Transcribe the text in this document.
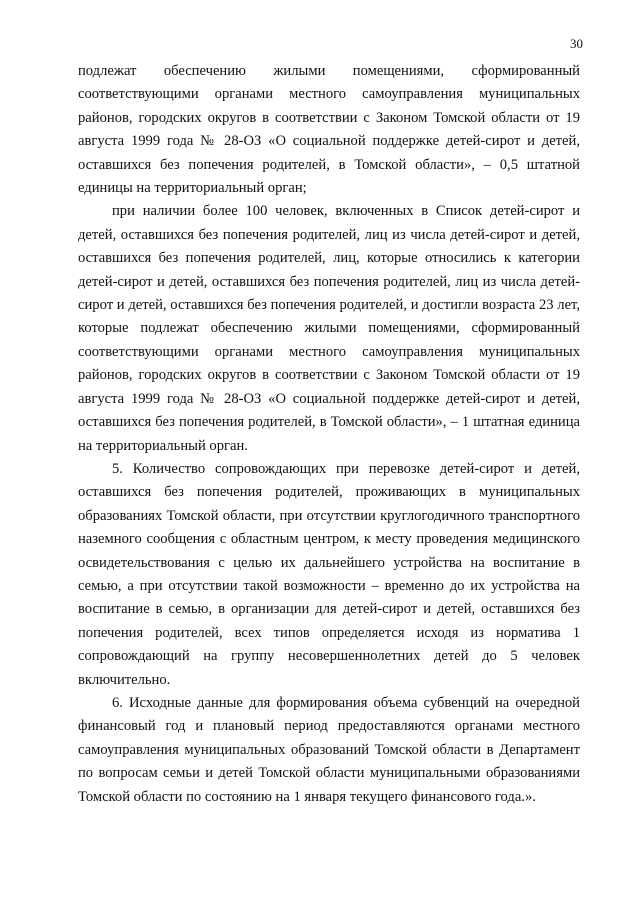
30

подлежат обеспечению жилыми помещениями, сформированный соответствующими органами местного самоуправления муниципальных районов, городских округов в соответствии с Законом Томской области от 19 августа 1999 года № 28-ОЗ «О социальной поддержке детей-сирот и детей, оставшихся без попечения родителей, в Томской области», – 0,5 штатной единицы на территориальный орган;

при наличии более 100 человек, включенных в Список детей-сирот и детей, оставшихся без попечения родителей, лиц из числа детей-сирот и детей, оставшихся без попечения родителей, лиц, которые относились к категории детей-сирот и детей, оставшихся без попечения родителей, лиц из числа детей-сирот и детей, оставшихся без попечения родителей, и достигли возраста 23 лет, которые подлежат обеспечению жилыми помещениями, сформированный соответствующими органами местного самоуправления муниципальных районов, городских округов в соответствии с Законом Томской области от 19 августа 1999 года № 28-ОЗ «О социальной поддержке детей-сирот и детей, оставшихся без попечения родителей, в Томской области», – 1 штатная единица на территориальный орган.

5. Количество сопровождающих при перевозке детей-сирот и детей, оставшихся без попечения родителей, проживающих в муниципальных образованиях Томской области, при отсутствии круглогодичного транспортного наземного сообщения с областным центром, к месту проведения медицинского освидетельствования с целью их дальнейшего устройства на воспитание в семью, а при отсутствии такой возможности – временно до их устройства на воспитание в семью, в организации для детей-сирот и детей, оставшихся без попечения родителей, всех типов определяется исходя из норматива 1 сопровождающий на группу несовершеннолетних детей до 5 человек включительно.

6. Исходные данные для формирования объема субвенций на очередной финансовый год и плановый период предоставляются органами местного самоуправления муниципальных образований Томской области в Департамент по вопросам семьи и детей Томской области муниципальными образованиями Томской области по состоянию на 1 января текущего финансового года.».
